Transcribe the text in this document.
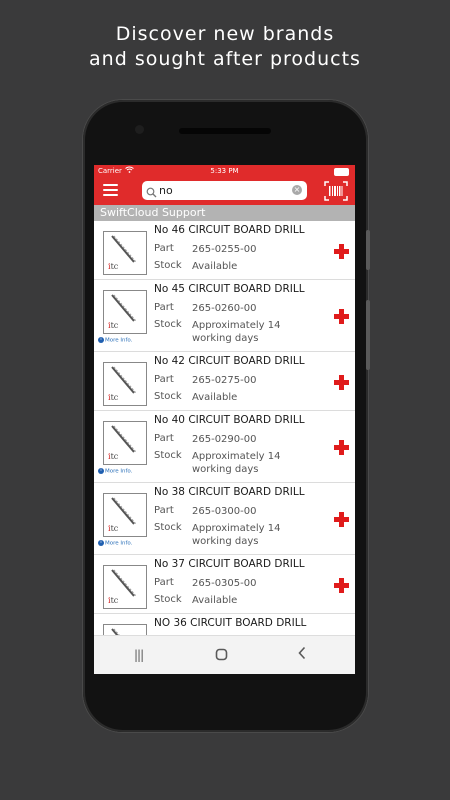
Discover new brands
and sought after products
Carrier	5:33 PM
no	×
SwiftCloud Support
itc
No 46 CIRCUIT BOARD DRILL
Part 265-0255-00
Stock Available
itc
i More Info.
No 45 CIRCUIT BOARD DRILL
Part 265-0260-00
Stock Approximately 14
working days
itc
No 42 CIRCUIT BOARD DRILL
Part 265-0275-00
Stock Available
itc
i More Info.
No 40 CIRCUIT BOARD DRILL
Part 265-0290-00
Stock Approximately 14
working days
itc
i More Info.
No 38 CIRCUIT BOARD DRILL
Part 265-0300-00
Stock Approximately 14
working days
itc
No 37 CIRCUIT BOARD DRILL
Part 265-0305-00
Stock Available
NO 36 CIRCUIT BOARD DRILL
|||
